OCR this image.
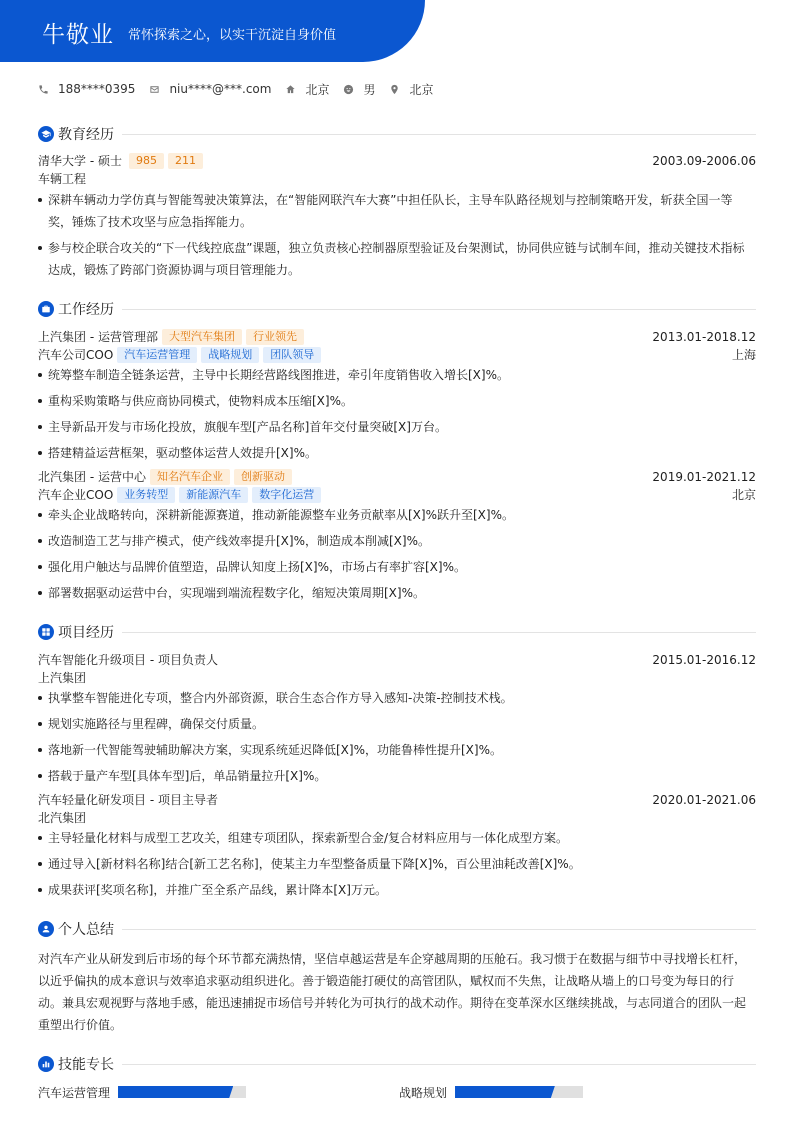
牛敬业 常怀探索之心，以实干沉淀自身价值
188****0395	niu****@***.com	北京	男	北京
教育经历
清华大学 - 硕士	985	211	2003.09-2006.06
车辆工程
深耕车辆动力学仿真与智能驾驶决策算法，在“智能网联汽车大赛”中担任队长，主导车队路径规划与控制策略开发，斩获全国一等奖，锤炼了技术攻坚与应急指挥能力。
参与校企联合攻关的“下一代线控底盘”课题，独立负责核心控制器原型验证及台架测试，协同供应链与试制车间，推动关键技术指标达成，锻炼了跨部门资源协调与项目管理能力。
工作经历
上汽集团 - 运营管理部	大型汽车集团	行业领先	2013.01-2018.12
汽车公司COO	汽车运营管理	战略规划	团队领导	上海
统筹整车制造全链条运营，主导中长期经营路线图推进，牵引年度销售收入增长[X]%。
重构采购策略与供应商协同模式，使物料成本压缩[X]%。
主导新品开发与市场化投放，旗舰车型[产品名称]首年交付量突破[X]万台。
搭建精益运营框架，驱动整体运营人效提升[X]%。
北汽集团 - 运营中心	知名汽车企业	创新驱动	2019.01-2021.12
汽车企业COO	业务转型	新能源汽车	数字化运营	北京
牵头企业战略转向，深耕新能源赛道，推动新能源整车业务贡献率从[X]%跃升至[X]%。
改造制造工艺与排产模式，使产线效率提升[X]%，制造成本削减[X]%。
强化用户触达与品牌价值塑造，品牌认知度上扬[X]%，市场占有率扩容[X]%。
部署数据驱动运营中台，实现端到端流程数字化，缩短决策周期[X]%。
项目经历
汽车智能化升级项目 - 项目负责人	2015.01-2016.12
上汽集团
执掌整车智能进化专项，整合内外部资源，联合生态合作方导入感知-决策-控制技术栈。
规划实施路径与里程碑，确保交付质量。
落地新一代智能驾驶辅助解决方案，实现系统延迟降低[X]%，功能鲁棒性提升[X]%。
搭载于量产车型[具体车型]后，单品销量拉升[X]%。
汽车轻量化研发项目 - 项目主导者	2020.01-2021.06
北汽集团
主导轻量化材料与成型工艺攻关，组建专项团队，探索新型合金/复合材料应用与一体化成型方案。
通过导入[新材料名称]结合[新工艺名称]，使某主力车型整备质量下降[X]%，百公里油耗改善[X]%。
成果获评[奖项名称]，并推广至全系产品线，累计降本[X]万元。
个人总结
对汽车产业从研发到后市场的每个环节都充满热情，坚信卓越运营是车企穿越周期的压舱石。我习惯于在数据与细节中寻找增长杠杆，以近乎偏执的成本意识与效率追求驱动组织进化。善于锻造能打硬仗的高管团队，赋权而不失焦，让战略从墙上的口号变为每日的行动。兼具宏观视野与落地手感，能迅速捕捉市场信号并转化为可执行的战术动作。期待在变革深水区继续挑战，与志同道合的团队一起重塑出行价值。
技能专长
汽车运营管理	战略规划
